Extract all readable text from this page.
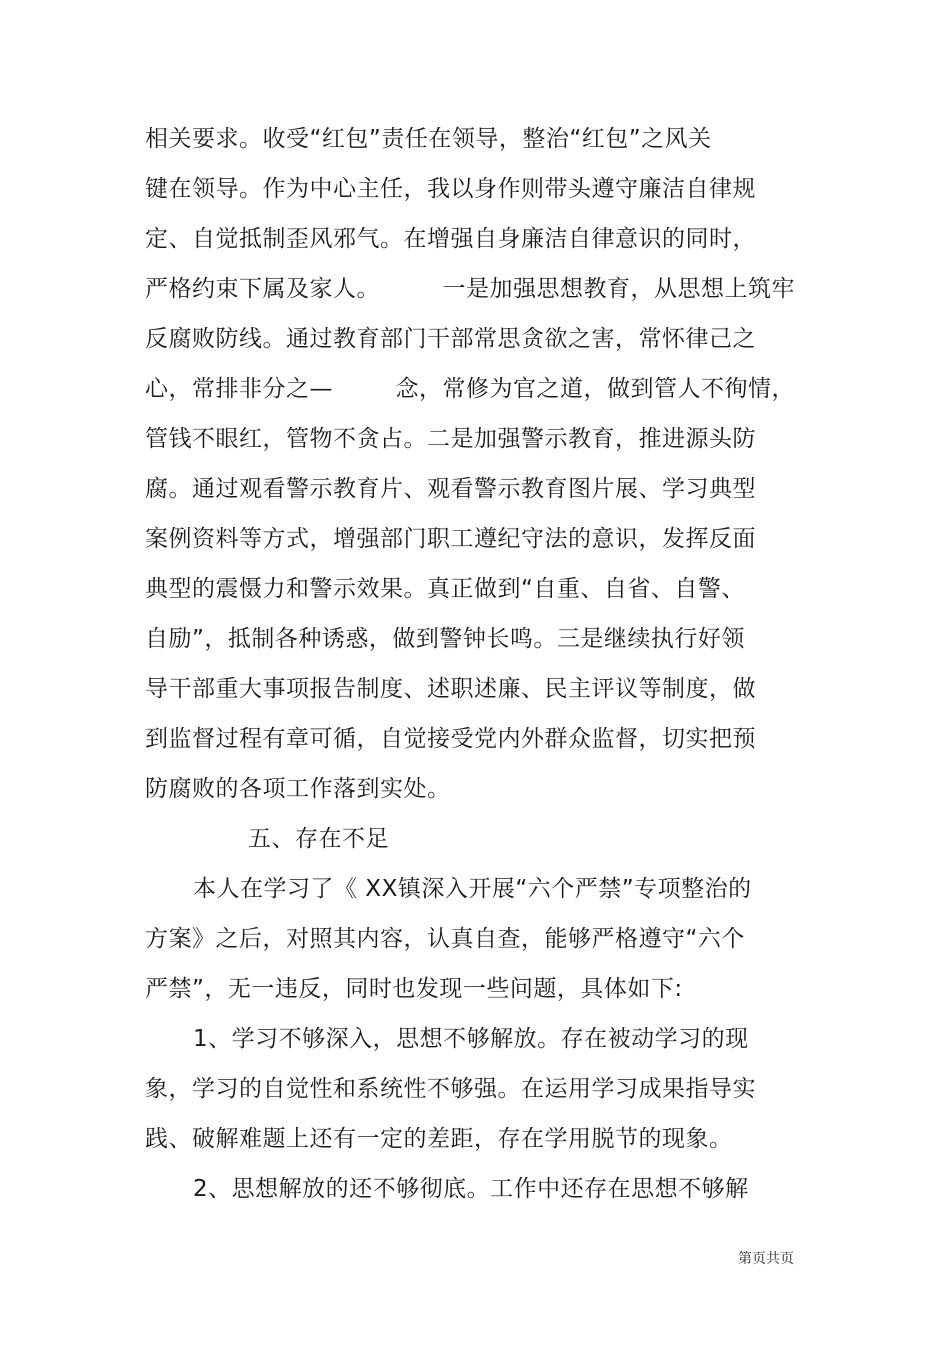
相关要求。收受“红包”责任在领导，整治“红包”之风关
键在领导。作为中心主任，我以身作则带头遵守廉洁自律规
定、自觉抵制歪风邪气。在增强自身廉洁自律意识的同时，
严格约束下属及家人。        一是加强思想教育，从思想上筑牢
反腐败防线。通过教育部门干部常思贪欲之害，常怀律己之
心，常排非分之—        念，常修为官之道，做到管人不徇情，
管钱不眼红，管物不贪占。二是加强警示教育，推进源头防
腐。通过观看警示教育片、观看警示教育图片展、学习典型
案例资料等方式，增强部门职工遵纪守法的意识，发挥反面
典型的震慑力和警示效果。真正做到“自重、自省、自警、
自励”，抵制各种诱惑，做到警钟长鸣。三是继续执行好领
导干部重大事项报告制度、述职述廉、民主评议等制度，做
到监督过程有章可循，自觉接受党内外群众监督，切实把预
防腐败的各项工作落到实处。
五、存在不足
本人在学习了《 XX镇深入开展“六个严禁”专项整治的
方案》之后，对照其内容，认真自查，能够严格遵守“六个
严禁”，无一违反，同时也发现一些问题，具体如下:
1、学习不够深入，思想不够解放。存在被动学习的现
象，学习的自觉性和系统性不够强。在运用学习成果指导实
践、破解难题上还有一定的差距，存在学用脱节的现象。
2、思想解放的还不够彻底。工作中还存在思想不够解
第页共页
